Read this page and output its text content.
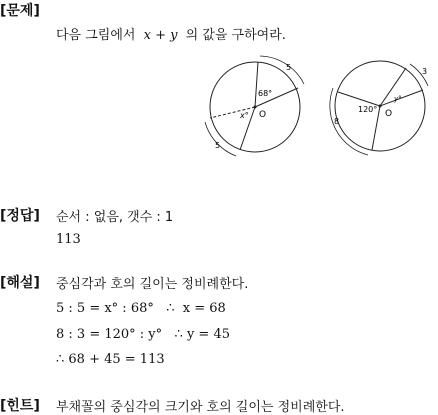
[문제]
다음 그림에서 x + y 의 값을 구하여라.
68°
O
x°
5
5
120° O
y°
3
8
[정답] 순서 : 없음, 갯수 : 1
113
[해설] 중심각과 호의 길이는 정비례한다.
5 : 5 = x° : 68°   ∴  x = 68
8 : 3 = 120° : y°   ∴ y = 45
∴ 68 + 45 = 113
[힌트] 부채꼴의 중심각의 크기와 호의 길이는 정비례한다.
